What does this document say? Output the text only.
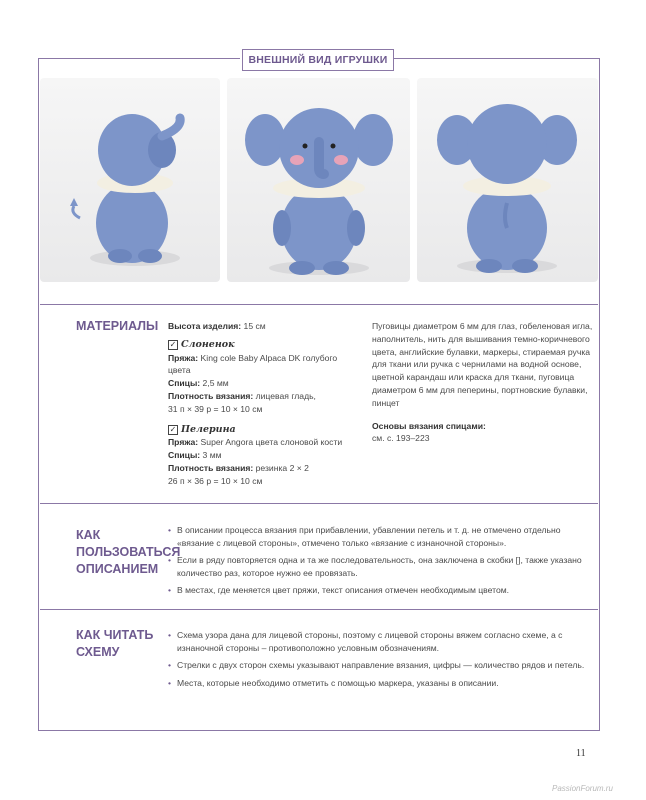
ВНЕШНИЙ ВИД ИГРУШКИ
МАТЕРИАЛЫ Высота изделия: 15 см
✓ Слоненок
Пряжа: King cole Baby Alpaca DK голубого цвета
Спицы: 2,5 мм
Плотность вязания: лицевая гладь,
31 п × 39 р = 10 × 10 см
✓ Пелерина
Пряжа: Super Angora цвета слоновой кости
Спицы: 3 мм
Плотность вязания: резинка 2 × 2
26 п × 36 р = 10 × 10 см
Пуговицы диаметром 6 мм для глаз, гобеленовая игла, наполнитель, нить для вышивания темно-коричневого цвета, английские булавки, маркеры, стираемая ручка для ткани или ручка с чернилами на водной основе, цветной карандаш или краска для ткани, пуговица диаметром 6 мм для пеперины, портновские булавки, пинцет
Основы вязания спицами:
см. с. 193–223
КАК ПОЛЬЗОВАТЬСЯ ОПИСАНИЕМ
• В описании процесса вязания при прибавлении, убавлении петель и т. д. не отмечено отдельно «вязание с лицевой стороны», отмечено только «вязание с изнаночной стороны».
• Если в ряду повторяется одна и та же последовательность, она заключена в скобки [], также указано количество раз, которое нужно ее провязать.
• В местах, где меняется цвет пряжи, текст описания отмечен необходимым цветом.
КАК ЧИТАТЬ СХЕМУ
• Схема узора дана для лицевой стороны, поэтому с лицевой стороны вяжем согласно схеме, а с изнаночной стороны – противоположно условным обозначениям.
• Стрелки с двух сторон схемы указывают направление вязания, цифры — количество рядов и петель.
• Места, которые необходимо отметить с помощью маркера, указаны в описании.
11
PassionForum.ru
